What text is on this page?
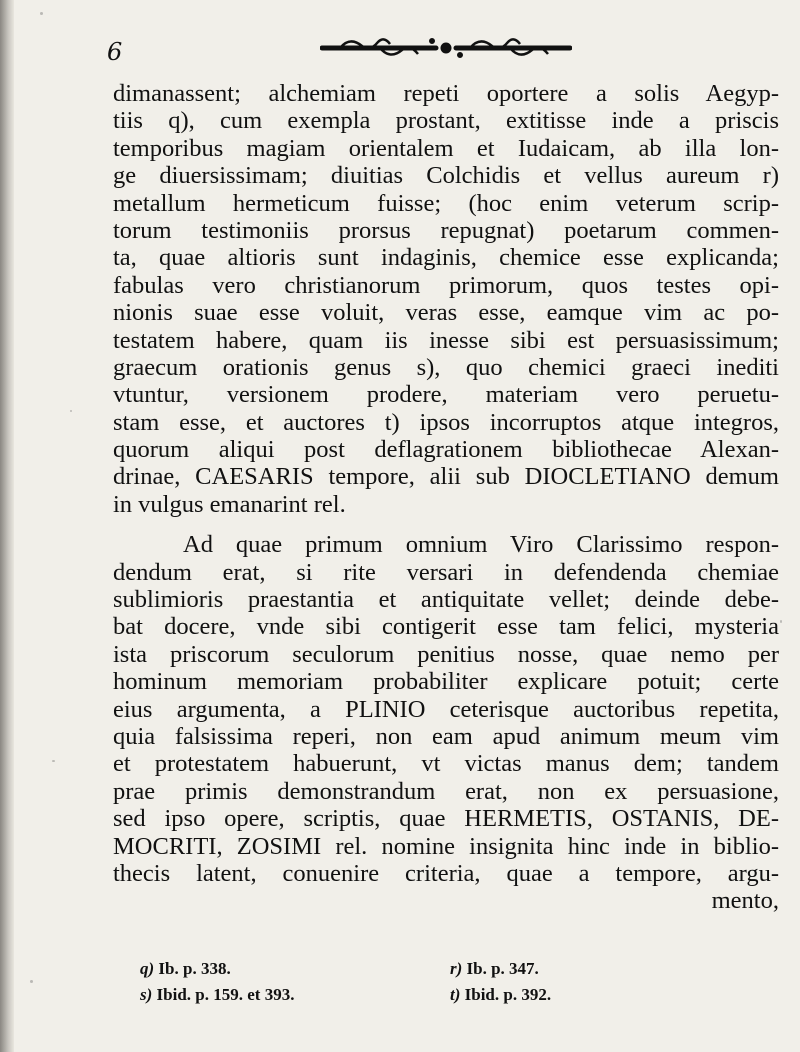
6
dimanassent; alchemiam repeti oportere a solis Aegyp-
tiis q), cum exempla prostant, extitisse inde a priscis
temporibus magiam orientalem et Iudaicam, ab illa lon-
ge diuersissimam; diuitias Colchidis et vellus aureum r)
metallum hermeticum fuisse; (hoc enim veterum scrip-
torum testimoniis prorsus repugnat) poetarum commen-
ta, quae altioris sunt indaginis, chemice esse explicanda;
fabulas vero christianorum primorum, quos testes opi-
nionis suae esse voluit, veras esse, eamque vim ac po-
testatem habere, quam iis inesse sibi est persuasissimum;
graecum orationis genus s), quo chemici graeci inediti
vtuntur, versionem prodere, materiam vero peruetu-
stam esse, et auctores t) ipsos incorruptos atque integros,
quorum aliqui post deflagrationem bibliothecae Alexan-
drinae, CAESARIS tempore, alii sub DIOCLETIANO demum
in vulgus emanarint rel.
Ad quae primum omnium Viro Clarissimo respon-
dendum erat, si rite versari in defendenda chemiae
sublimioris praestantia et antiquitate vellet; deinde debe-
bat docere, vnde sibi contigerit esse tam felici, mysteria
ista priscorum seculorum penitius nosse, quae nemo per
hominum memoriam probabiliter explicare potuit; certe
eius argumenta, a PLINIO ceterisque auctoribus repetita,
quia falsissima reperi, non eam apud animum meum vim
et protestatem habuerunt, vt victas manus dem; tandem
prae primis demonstrandum erat, non ex persuasione,
sed ipso opere, scriptis, quae HERMETIS, OSTANIS, DE-
MOCRITI, ZOSIMI rel. nomine insignita hinc inde in biblio-
thecis latent, conuenire criteria, quae a tempore, argu-
mento,
q) Ib. p. 338.	r) Ib. p. 347.
s) Ibid. p. 159. et 393.	t) Ibid. p. 392.
